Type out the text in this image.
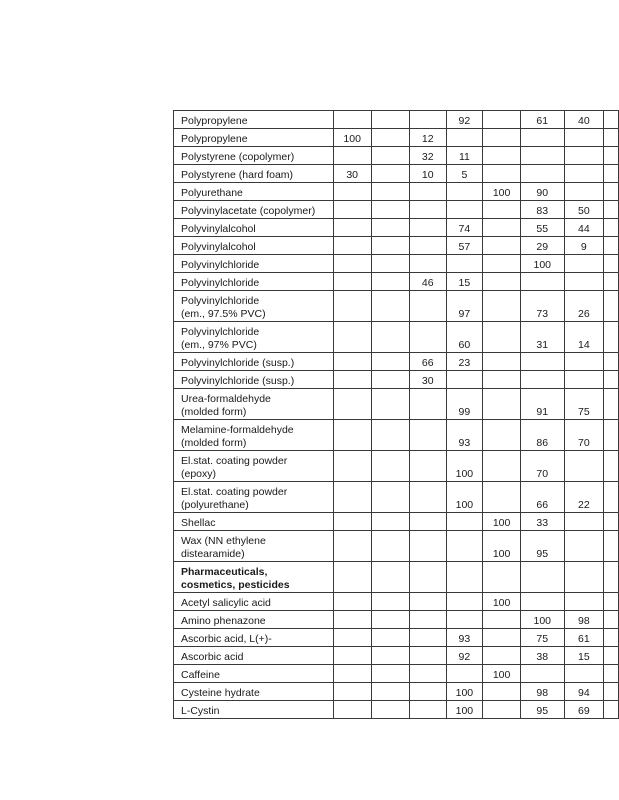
Polypropylene				92		61	40	
Polypropylene	100		12					
Polystyrene (copolymer)			32	11				
Polystyrene (hard foam)	30		10	5				
Polyurethane					100	90		
Polyvinylacetate (copolymer)						83	50	
Polyvinylalcohol				74		55	44	
Polyvinylalcohol				57		29	9	
Polyvinylchloride						100		
Polyvinylchloride			46	15				
Polyvinylchloride
(em., 97.5% PVC)				97		73	26	
Polyvinylchloride
(em., 97% PVC)				60		31	14	
Polyvinylchloride (susp.)			66	23				
Polyvinylchloride (susp.)			30					
Urea-formaldehyde
(molded form)				99		91	75	
Melamine-formaldehyde
(molded form)				93		86	70	
El.stat. coating powder
(epoxy)				100		70		
El.stat. coating powder
(polyurethane)				100		66	22	
Shellac					100	33		
Wax (NN ethylene
distearamide)					100	95		
Pharmaceuticals,
cosmetics, pesticides								
Acetyl salicylic acid					100			
Amino phenazone						100	98	
Ascorbic acid, L(+)-				93		75	61	
Ascorbic acid				92		38	15	
Caffeine					100			
Cysteine hydrate				100		98	94	
L-Cystin				100		95	69	
